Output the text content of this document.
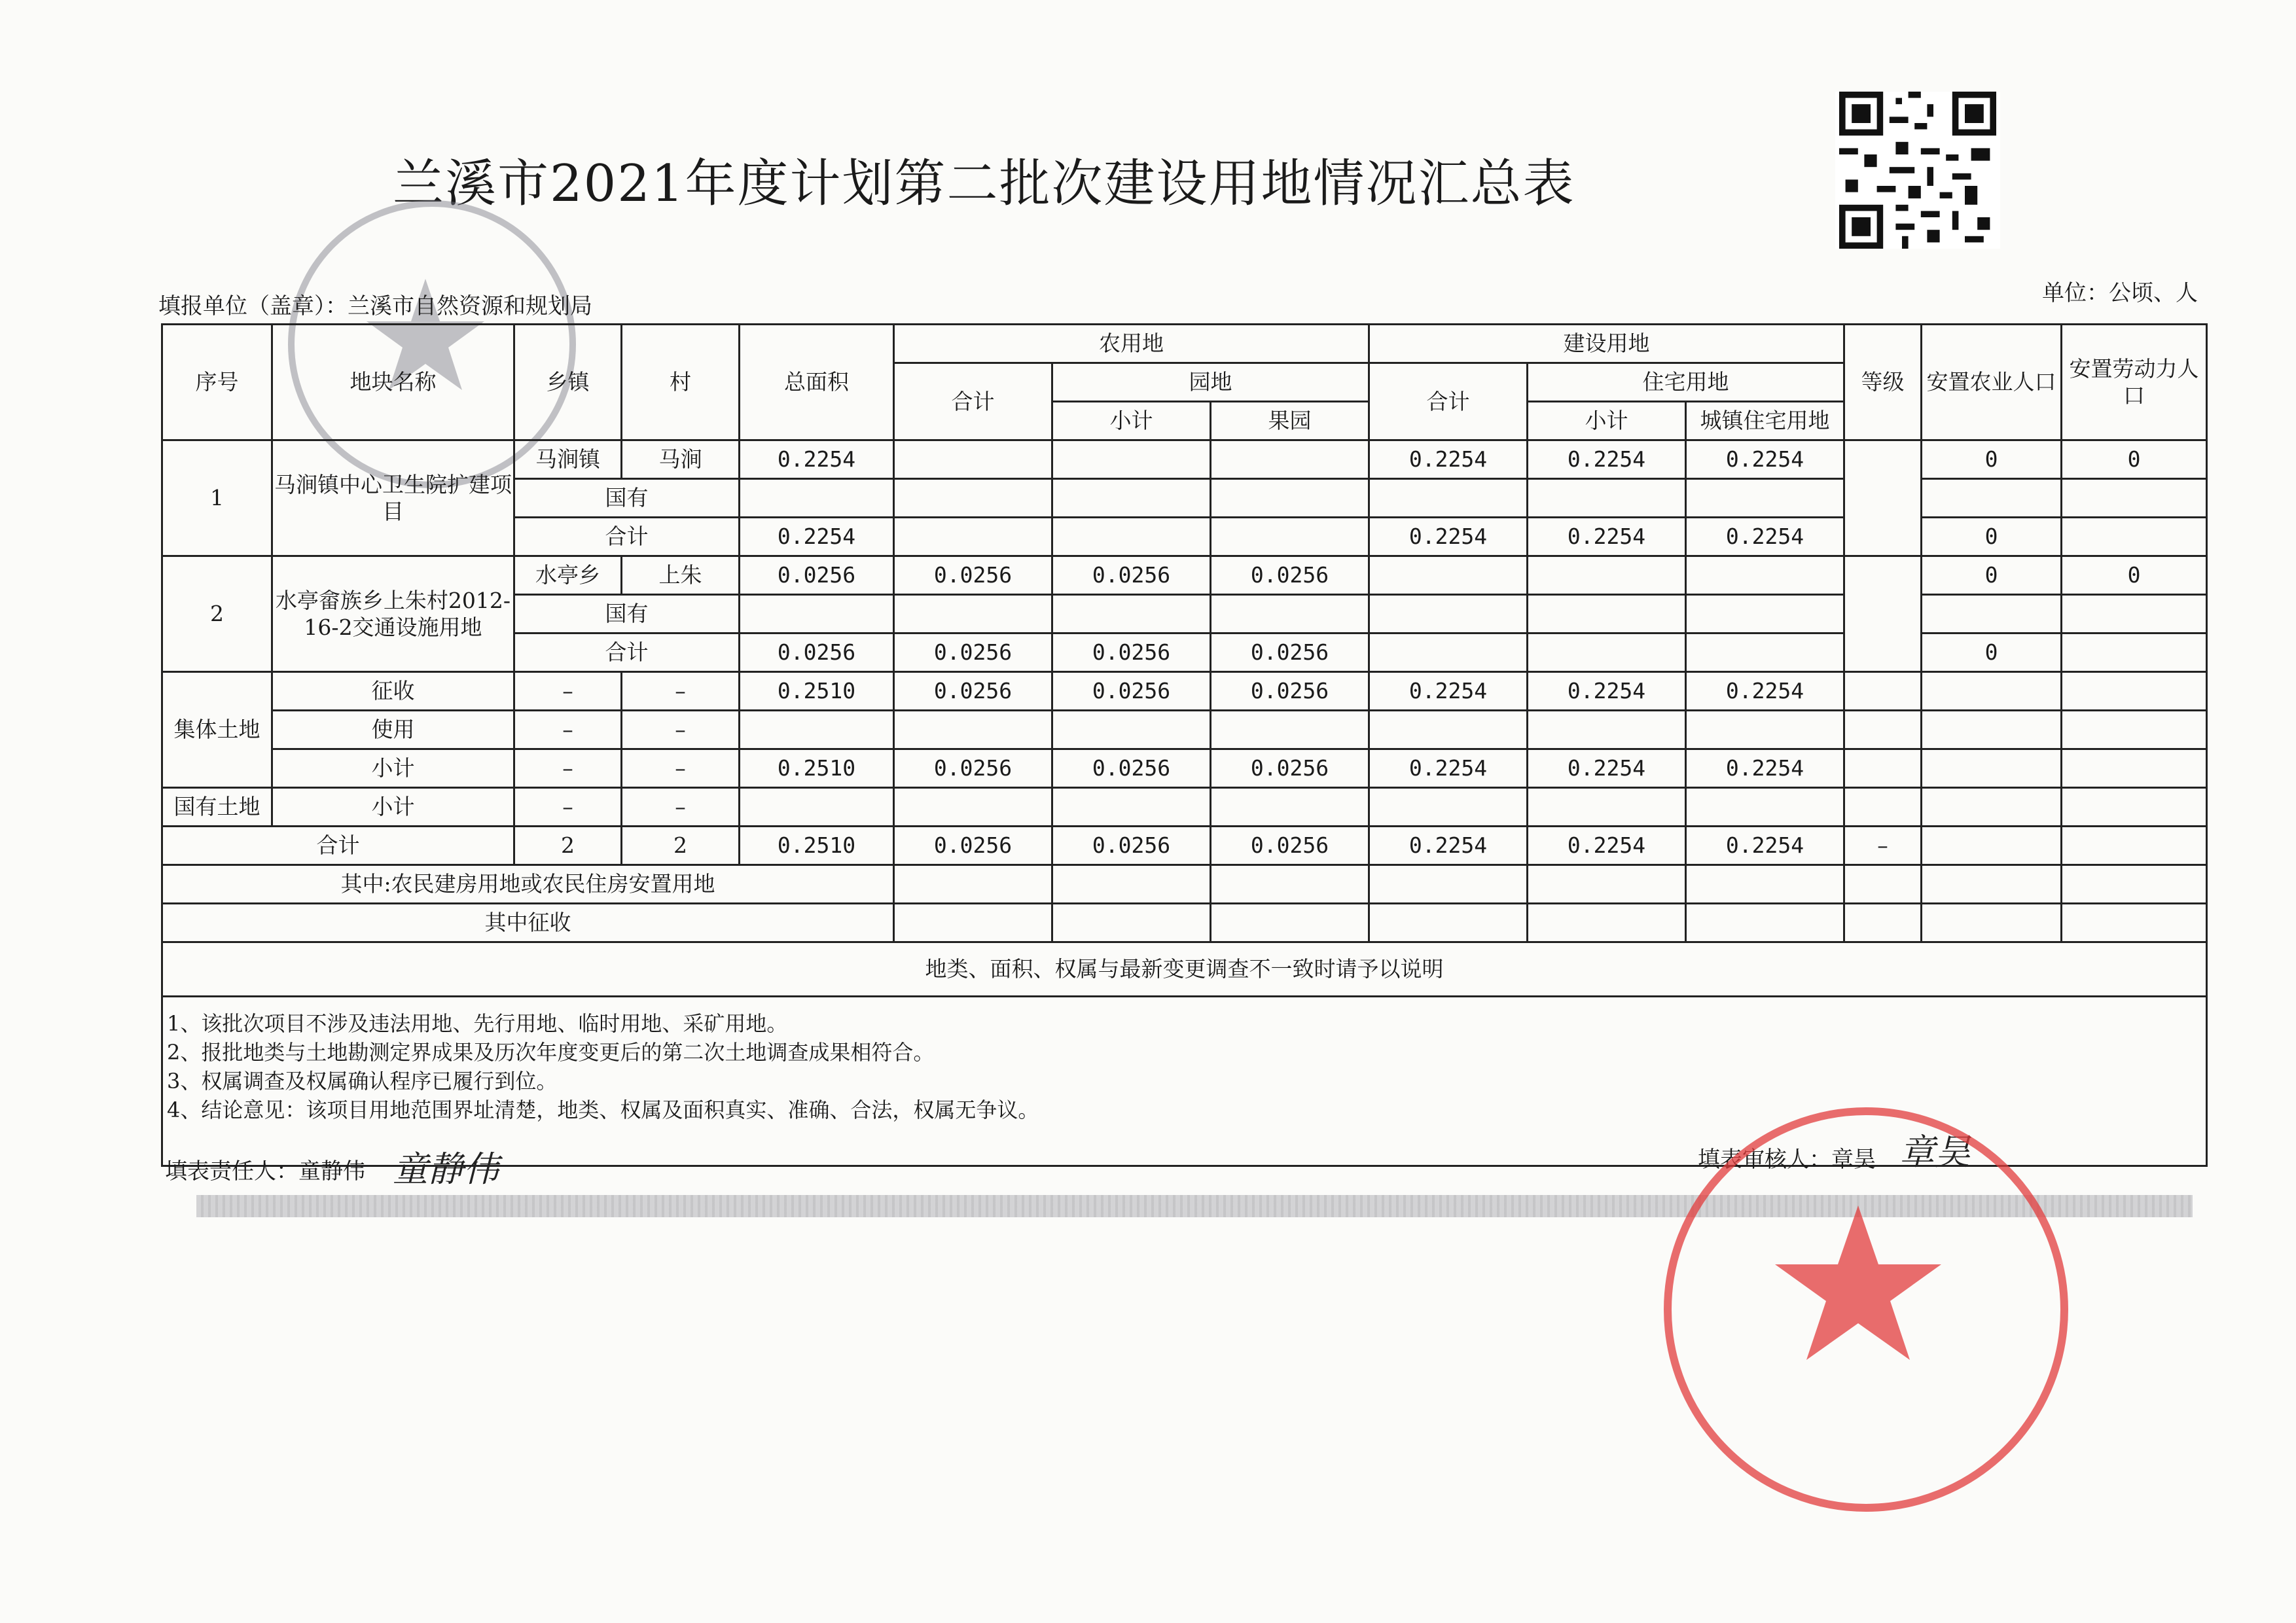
兰溪市2021年度计划第二批次建设用地情况汇总表
填报单位（盖章）：兰溪市自然资源和规划局	单位：公顷、人
序号	地块名称	乡镇	村	总面积	农用地			建设用地			等级	安置农业人口	安置劳动力人口
					合计	园地		合计	住宅用地				
						小计	果园		小计	城镇住宅用地			
1	马涧镇中心卫生院扩建项目	马涧镇	马涧	0.2254				0.2254	0.2254	0.2254		0	0
		国有											
		合计		0.2254				0.2254	0.2254	0.2254		0	
2	水亭畲族乡上朱村2012-16-2交通设施用地	水亭乡	上朱	0.0256	0.0256	0.0256	0.0256					0	0
		国有											
		合计		0.0256	0.0256	0.0256	0.0256					0	
集体土地	征收	–	–	0.2510	0.0256	0.0256	0.0256	0.2254	0.2254	0.2254			
	使用	–	–										
	小计	–	–	0.2510	0.0256	0.0256	0.0256	0.2254	0.2254	0.2254			
国有土地	小计	–	–										
合计		2	2	0.2510	0.0256	0.0256	0.0256	0.2254	0.2254	0.2254	–		
其中:农民建房用地或农民住房安置用地													
其中征收													
地类、面积、权属与最新变更调查不一致时请予以说明													

1、该批次项目不涉及违法用地、先行用地、临时用地、采矿用地。
2、报批地类与土地勘测定界成果及历次年度变更后的第二次土地调查成果相符合。
3、权属调查及权属确认程序已履行到位。
4、结论意见：该项目用地范围界址清楚，地类、权属及面积真实、准确、合法，权属无争议。													
填表责任人：童静伟 童静伟	填表审核人：章昊 章昊
